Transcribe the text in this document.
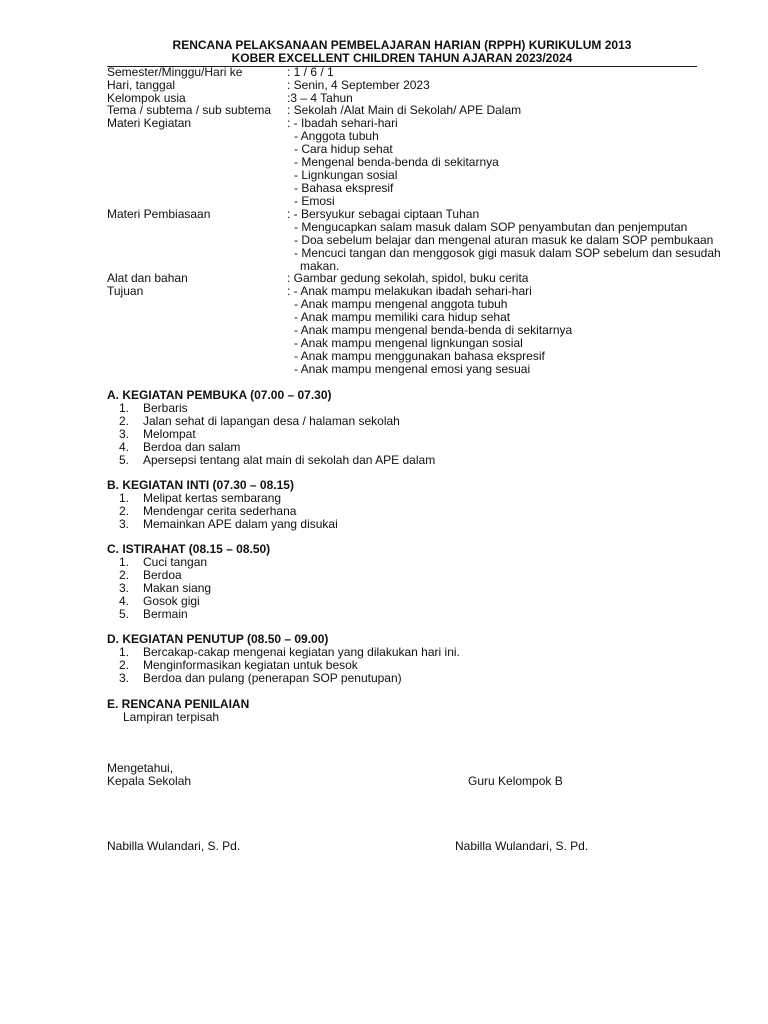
RENCANA PELAKSANAAN PEMBELAJARAN HARIAN (RPPH) KURIKULUM 2013
KOBER EXCELLENT CHILDREN TAHUN AJARAN 2023/2024
Semester/Minggu/Hari ke	: 1 / 6 / 1
Hari, tanggal	: Senin, 4 September 2023
Kelompok usia	:3 – 4 Tahun
Tema / subtema / sub subtema : Sekolah /Alat Main di Sekolah/ APE Dalam
Materi Kegiatan	: - Ibadah sehari-hari
- Anggota tubuh
- Cara hidup sehat
- Mengenal benda-benda di sekitarnya
- Lignkungan sosial
- Bahasa ekspresif
- Emosi
Materi Pembiasaan	: - Bersyukur sebagai ciptaan Tuhan
- Mengucapkan salam masuk dalam SOP penyambutan dan penjemputan
- Doa sebelum belajar dan mengenal aturan masuk ke dalam SOP pembukaan
- Mencuci tangan dan menggosok gigi masuk dalam SOP sebelum dan sesudah
makan.
Alat dan bahan	: Gambar gedung sekolah, spidol, buku cerita
Tujuan	: - Anak mampu melakukan ibadah sehari-hari
- Anak mampu mengenal anggota tubuh
- Anak mampu memiliki cara hidup sehat
- Anak mampu mengenal benda-benda di sekitarnya
- Anak mampu mengenal lignkungan sosial
- Anak mampu menggunakan bahasa ekspresif
- Anak mampu mengenal emosi yang sesuai
A. KEGIATAN PEMBUKA (07.00 – 07.30)
1. Berbaris
2. Jalan sehat di lapangan desa / halaman sekolah
3. Melompat
4. Berdoa dan salam
5. Apersepsi tentang alat main di sekolah dan APE dalam
B. KEGIATAN INTI (07.30 – 08.15)
1. Melipat kertas sembarang
2. Mendengar cerita sederhana
3. Memainkan APE dalam yang disukai
C. ISTIRAHAT (08.15 – 08.50)
1. Cuci tangan
2. Berdoa
3. Makan siang
4. Gosok gigi
5. Bermain
D. KEGIATAN PENUTUP (08.50 – 09.00)
1. Bercakap-cakap mengenai kegiatan yang dilakukan hari ini.
2. Menginformasikan kegiatan untuk besok
3. Berdoa dan pulang (penerapan SOP penutupan)
E. RENCANA PENILAIAN
Lampiran terpisah
Mengetahui,
Kepala Sekolah	Guru Kelompok B
Nabilla Wulandari, S. Pd.	Nabilla Wulandari, S. Pd.
